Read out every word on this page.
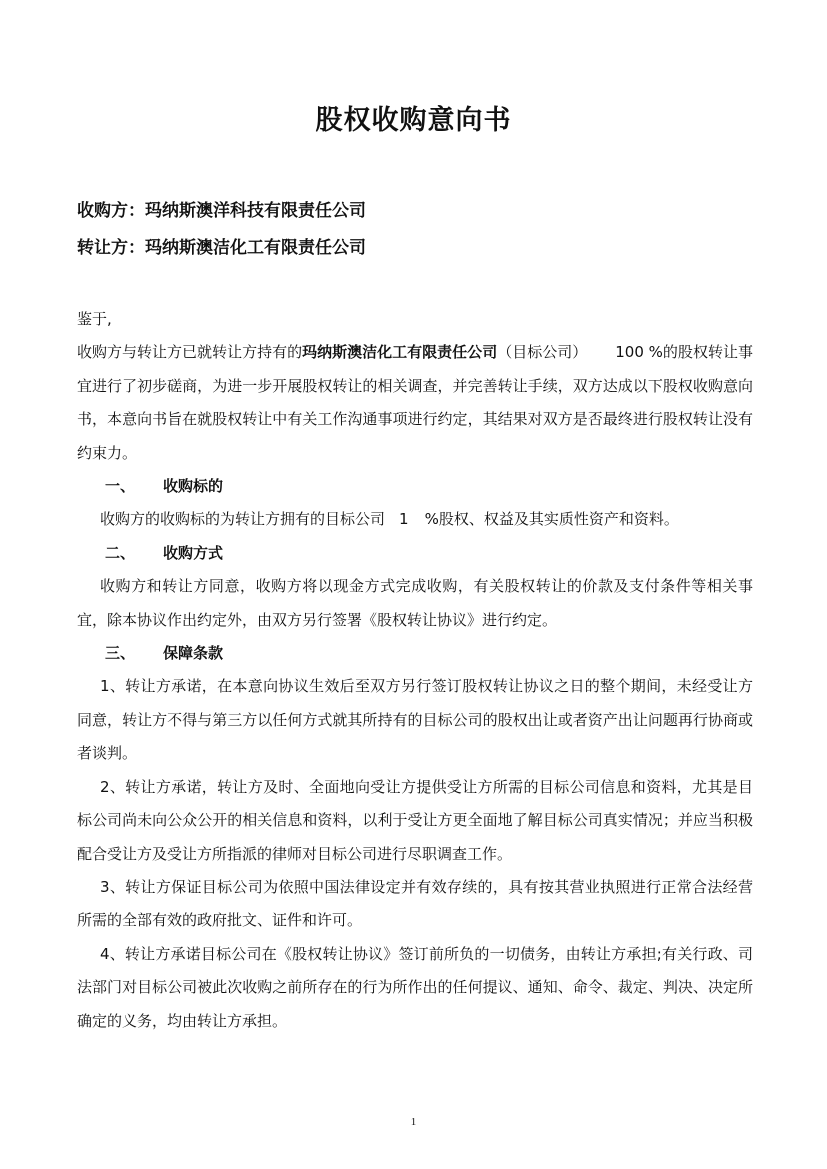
股权收购意向书
收购方：玛纳斯澳洋科技有限责任公司
转让方：玛纳斯澳洁化工有限责任公司

鉴于,

收购方与转让方已就转让方持有的玛纳斯澳洁化工有限责任公司（目标公司） 100 %的股权转让事宜进行了初步磋商，为进一步开展股权转让的相关调查，并完善转让手续，双方达成以下股权收购意向书，本意向书旨在就股权转让中有关工作沟通事项进行约定，其结果对双方是否最终进行股权转让没有约束力。

一、 收购标的

收购方的收购标的为转让方拥有的目标公司 1 %股权、权益及其实质性资产和资料。

二、 收购方式

收购方和转让方同意，收购方将以现金方式完成收购，有关股权转让的价款及支付条件等相关事宜，除本协议作出约定外，由双方另行签署《股权转让协议》进行约定。

三、 保障条款

1、转让方承诺，在本意向协议生效后至双方另行签订股权转让协议之日的整个期间，未经受让方同意，转让方不得与第三方以任何方式就其所持有的目标公司的股权出让或者资产出让问题再行协商或者谈判。

2、转让方承诺，转让方及时、全面地向受让方提供受让方所需的目标公司信息和资料，尤其是目标公司尚未向公众公开的相关信息和资料，以利于受让方更全面地了解目标公司真实情况；并应当积极配合受让方及受让方所指派的律师对目标公司进行尽职调查工作。

3、转让方保证目标公司为依照中国法律设定并有效存续的，具有按其营业执照进行正常合法经营所需的全部有效的政府批文、证件和许可。

4、转让方承诺目标公司在《股权转让协议》签订前所负的一切债务，由转让方承担;有关行政、司法部门对目标公司被此次收购之前所存在的行为所作出的任何提议、通知、命令、裁定、判决、决定所确定的义务，均由转让方承担。

1
